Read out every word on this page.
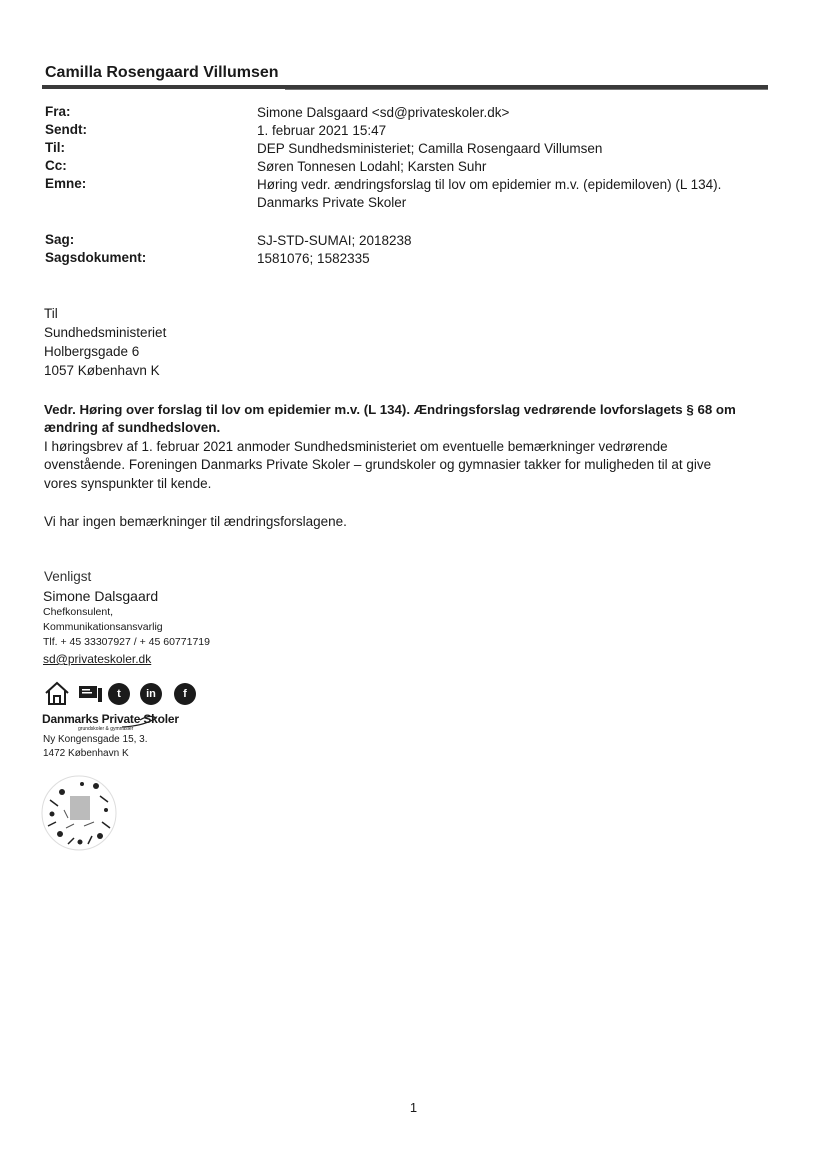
Camilla Rosengaard Villumsen
Fra:	Simone Dalsgaard <sd@privateskoler.dk>
Sendt:	1. februar 2021 15:47
Til:	DEP Sundhedsministeriet; Camilla Rosengaard Villumsen
Cc:	Søren Tonnesen Lodahl; Karsten Suhr
Emne:	Høring vedr. ændringsforslag til lov om epidemier m.v. (epidemiloven) (L 134).
Danmarks Private Skoler
Sag:	SJ-STD-SUMAI; 2018238
Sagsdokument:	1581076; 1582335
Til
Sundhedsministeriet
Holbergsgade 6
1057 København K
Vedr. Høring over forslag til lov om epidemier m.v. (L 134). Ændringsforslag vedrørende lovforslagets § 68 om
ændring af sundhedsloven.
I høringsbrev af 1. februar 2021 anmoder Sundhedsministeriet om eventuelle bemærkninger vedrørende
ovenstående. Foreningen Danmarks Private Skoler – grundskoler og gymnasier takker for muligheden til at give
vores synspunkter til kende.
Vi har ingen bemærkninger til ændringsforslagene.
Venligst
Simone Dalsgaard
Chefkonsulent,
Kommunikationsansvarlig
Tlf. + 45 33307927 / + 45 60771719
sd@privateskoler.dk
t	in	f
Danmarks Private Skoler
grundskoler & gymnasier
Ny Kongensgade 15, 3.
1472 København K
1
